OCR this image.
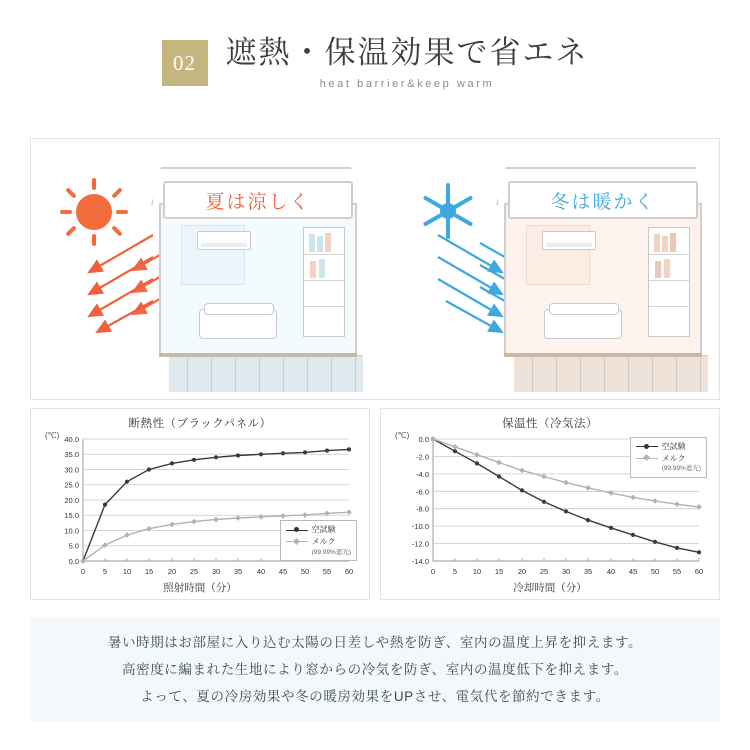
02 遮熱・保温効果で省エネ
heat barrier&keep warm
夏は涼しく	冬は暖かく
断熱性（ブラックパネル）
(℃) 40.0
35.0
30.0
25.0
20.0
15.0
10.0
5.0
0.0
0 5 10 15 20 25 30 35 40 45 50 55 60
空試験
メルク
(99.99%遮光)
照射時間（分）
保温性（冷気法）
(℃) 0.0
-2.0
-4.0
-6.0
-8.0
-10.0
-12.0
-14.0
0 5 10 15 20 25 30 35 40 45 50 55 60
空試験
メルク
(99.99%遮光)
冷却時間（分）

暑い時期はお部屋に入り込む太陽の日差しや熱を防ぎ、室内の温度上昇を抑えます。

高密度に編まれた生地により窓からの冷気を防ぎ、室内の温度低下を抑えます。

よって、夏の冷房効果や冬の暖房効果をUPさせ、電気代を節約できます。
